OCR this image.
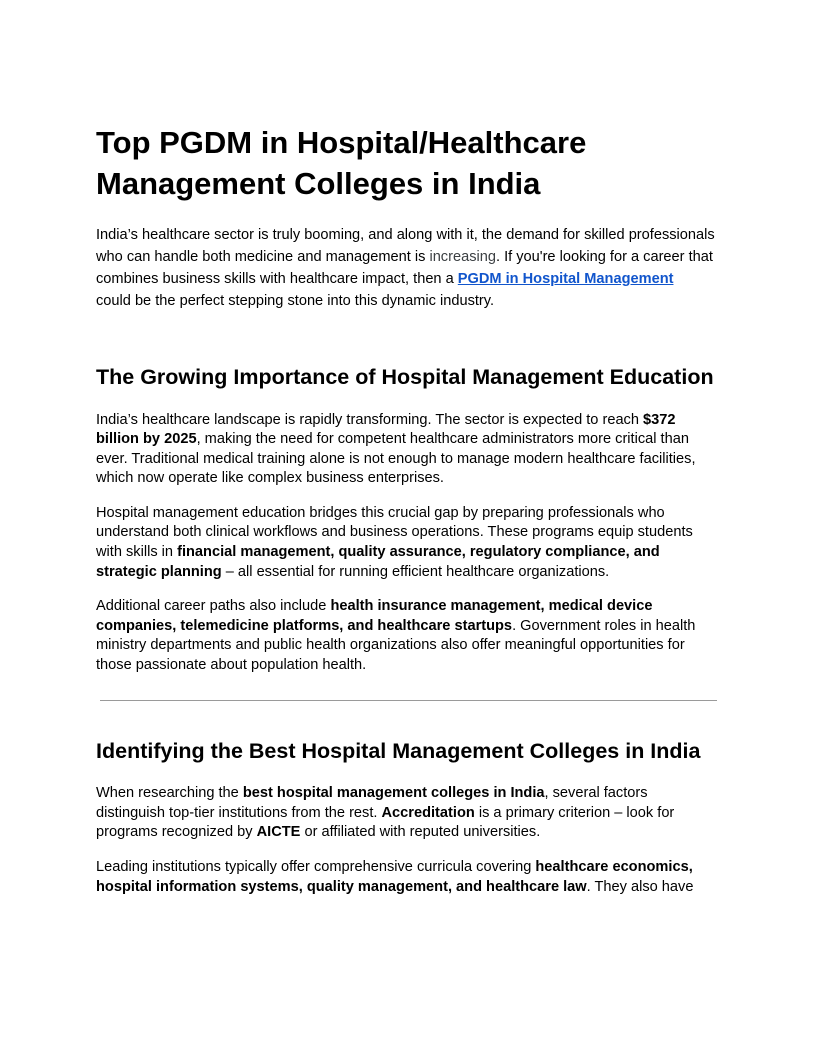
Top PGDM in Hospital/Healthcare Management Colleges in India

India’s healthcare sector is truly booming, and along with it, the demand for skilled professionals who can handle both medicine and management is increasing. If you're looking for a career that combines business skills with healthcare impact, then a PGDM in Hospital Management
could be the perfect stepping stone into this dynamic industry.

The Growing Importance of Hospital Management Education

India’s healthcare landscape is rapidly transforming. The sector is expected to reach $372 billion by 2025, making the need for competent healthcare administrators more critical than ever. Traditional medical training alone is not enough to manage modern healthcare facilities, which now operate like complex business enterprises.

Hospital management education bridges this crucial gap by preparing professionals who understand both clinical workflows and business operations. These programs equip students with skills in financial management, quality assurance, regulatory compliance, and strategic planning – all essential for running efficient healthcare organizations.

Additional career paths also include health insurance management, medical device companies, telemedicine platforms, and healthcare startups. Government roles in health ministry departments and public health organizations also offer meaningful opportunities for those passionate about population health.

Identifying the Best Hospital Management Colleges in India

When researching the best hospital management colleges in India, several factors distinguish top-tier institutions from the rest. Accreditation is a primary criterion – look for programs recognized by AICTE or affiliated with reputed universities.

Leading institutions typically offer comprehensive curricula covering healthcare economics, hospital information systems, quality management, and healthcare law. They also have
